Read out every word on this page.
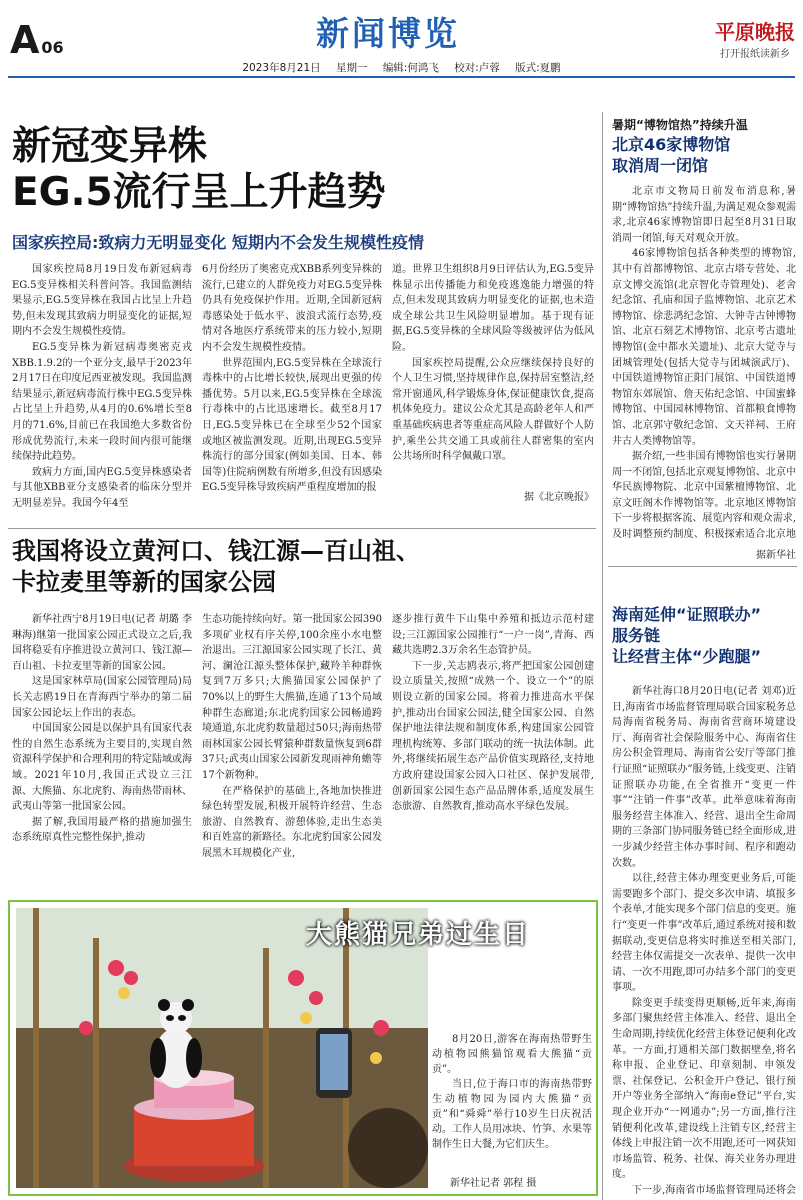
A 06	新闻博览	平原晚报
打开报纸读新乡
2023年8月21日 星期一 编辑:何鸿飞 校对:卢蓉 版式:夏鹏
新冠变异株
EG.5流行呈上升趋势
国家疾控局:致病力无明显变化 短期内不会发生规模性疫情

国家疾控局8月19日发布新冠病毒EG.5变异株相关科普问答。我国监测结果显示,EG.5变异株在我国占比呈上升趋势,但未发现其致病力明显变化的证据,短期内不会发生规模性疫情。

EG.5变异株为新冠病毒奥密克戎XBB.1.9.2的一个亚分支,最早于2023年2月17日在印度尼西亚被发现。我国监测结果显示,新冠病毒流行株中EG.5变异株占比呈上升趋势,从4月的0.6%增长至8月的71.6%,目前已在我国绝大多数省份形成优势流行,未来一段时间内很可能继续保持此趋势。

致病力方面,国内EG.5变异株感染者与其他XBB亚分支感染者的临床分型并无明显差异。我国今年4至

6月份经历了奥密克戎XBB系列变异株的流行,已建立的人群免疫力对EG.5变异株仍具有免疫保护作用。近期,全国新冠病毒感染处于低水平、波浪式流行态势,疫情对各地医疗系统带来的压力较小,短期内不会发生规模性疫情。

世界范围内,EG.5变异株在全球流行毒株中的占比增长较快,展现出更强的传播优势。5月以来,EG.5变异株在全球流行毒株中的占比迅速增长。截至8月17日,EG.5变异株已在全球至少52个国家或地区被监测发现。近期,出现EG.5变异株流行的部分国家(例如美国、日本、韩国等)住院病例数有所增多,但没有因感染EG.5变异株导致疾病严重程度增加的报

道。世界卫生组织8月9日评估认为,EG.5变异株显示出传播能力和免疫逃逸能力增强的特点,但未发现其致病力明显变化的证据,也未造成全球公共卫生风险明显增加。基于现有证据,EG.5变异株的全球风险等级被评估为低风险。

国家疾控局提醒,公众应继续保持良好的个人卫生习惯,坚持规律作息,保持居室整洁,经常开窗通风,科学锻炼身体,保证健康饮食,提高机体免疫力。建议公众尤其是高龄老年人和严重基础疾病患者等重症高风险人群做好个人防护,乘坐公共交通工具或前往人群密集的室内公共场所时科学佩戴口罩。

据《北京晚报》
我国将设立黄河口、钱江源—百山祖、
卡拉麦里等新的国家公园

新华社西宁8月19日电(记者 胡璐 李琳海)继第一批国家公园正式设立之后,我国将稳妥有序推进设立黄河口、钱江源—百山祖、卡拉麦里等新的国家公园。

这是国家林草局(国家公园管理局)局长关志鸥19日在青海西宁举办的第二届国家公园论坛上作出的表态。

中国国家公园是以保护具有国家代表性的自然生态系统为主要目的,实现自然资源科学保护和合理利用的特定陆域或海域。2021年10月,我国正式设立三江源、大熊猫、东北虎豹、海南热带雨林、武夷山等第一批国家公园。

据了解,我国用最严格的措施加强生态系统原真性完整性保护,推动

生态功能持续向好。第一批国家公园390多项矿业权有序关停,100余座小水电整治退出。三江源国家公园实现了长江、黄河、澜沧江源头整体保护,藏羚羊种群恢复到7万多只;大熊猫国家公园保护了70%以上的野生大熊猫,连通了13个局域种群生态廊道;东北虎豹国家公园畅通跨境通道,东北虎豹数量超过50只;海南热带雨林国家公园长臂猿种群数量恢复到6群37只;武夷山国家公园新发现雨神角蟾等17个新物种。

在严格保护的基础上,各地加快推进绿色转型发展,积极开展特许经营、生态旅游、自然教育、游憩体验,走出生态美和百姓富的新路径。东北虎豹国家公园发展黑木耳规模化产业,

逐步推行黄牛下山集中养殖和抵边示范村建设;三江源国家公园推行“一户一岗”,青海、西藏共选聘2.3万余名生态管护员。

下一步,关志鸥表示,将严把国家公园创建设立质量关,按照“成熟一个、设立一个”的原则设立新的国家公园。将着力推进高水平保护,推动出台国家公园法,健全国家公园、自然保护地法律法规和制度体系,构建国家公园管理机构统筹、多部门联动的统一执法体制。此外,将继续拓展生态产品价值实现路径,支持地方政府建设国家公园入口社区、保护发展带,创新国家公园生态产品品牌体系,适度发展生态旅游、自然教育,推动高水平绿色发展。

暑期“博物馆热”持续升温
北京46家博物馆
取消周一闭馆

北京市文物局日前发布消息称,暑期“博物馆热”持续升温,为满足观众参观需求,北京46家博物馆即日起至8月31日取消周一闭馆,每天对观众开放。

46家博物馆包括各种类型的博物馆,其中有首都博物馆、北京古塔专营处、北京文博交流馆(北京智化寺管理处)、老舍纪念馆、孔庙和国子监博物馆、北京艺术博物馆、徐悲鸿纪念馆、大钟寺古钟博物馆、北京石刻艺术博物馆、北京考古遗址博物馆(金中都水关遗址)、北京大觉寺与团城管理处(包括大觉寺与团城演武厅)、中国铁道博物馆正阳门展馆、中国铁道博物馆东郊展馆、詹天佑纪念馆、中国蜜蜂博物馆、中国园林博物馆、首都粮食博物馆、北京郭守敬纪念馆、文天祥祠、王府井古人类博物馆等。

据介绍,一些非国有博物馆也实行暑期周一不闭馆,包括北京观复博物馆、北京中华民族博物院、北京中国紫檀博物馆、北京文旺阁木作博物馆等。北京地区博物馆下一步将根据客流、展览内容和观众需求,及时调整预约制度、积极探索适合北京地

据新华社
海南延伸“证照联办”
服务链
让经营主体“少跑腿”

新华社海口8月20日电(记者 刘邓)近日,海南省市场监督管理局联合国家税务总局海南省税务局、海南省营商环境建设厅、海南省社会保险服务中心、海南省住房公积金管理局、海南省公安厅等部门推行证照“证照联办”服务链,上线变更、注销证照联办功能,在全省推开“变更一件事”“注销一件事”改革。此举意味着海南服务经营主体准入、经营、退出全生命周期的三条部门协同服务链已经全面形成,进一步减少经营主体办事时间、程序和跑动次数。

以往,经营主体办理变更业务后,可能需要跑多个部门、提交多次申请、填报多个表单,才能实现多个部门信息的变更。施行“变更一件事”改革后,通过系统对接和数据联动,变更信息将实时推送至相关部门,经营主体仅需提交一次表单、提供一次申请、一次不用跑,即可办结多个部门的变更事项。

除变更手续变得更顺畅,近年来,海南多部门聚焦经营主体准入、经营、退出全生命周期,持续优化经营主体登记便利化改革。一方面,打通相关部门数据壁垒,将名称申报、企业登记、印章刻制、申领发票、社保登记、公积金开户登记、银行预开户等业务全部纳入“海南e登记”平台,实现企业开办“一网通办”;另一方面,推行注销便利化改革,建设线上注销专区,经营主体线上申报注销一次不用跑,还可一网获知市场监管、税务、社保、海关业务办理进度。

下一步,海南省市场监督管理局还将会

大熊猫兄弟过生日

8月20日,游客在海南热带野生动植物园熊猫馆观看大熊猫“贡贡”。

当日,位于海口市的海南热带野生动植物园为园内大熊猫“贡贡”和“舜舜”举行10岁生日庆祝活动。工作人员用冰块、竹笋、水果等制作生日大餐,为它们庆生。

新华社记者 郭程 摄
